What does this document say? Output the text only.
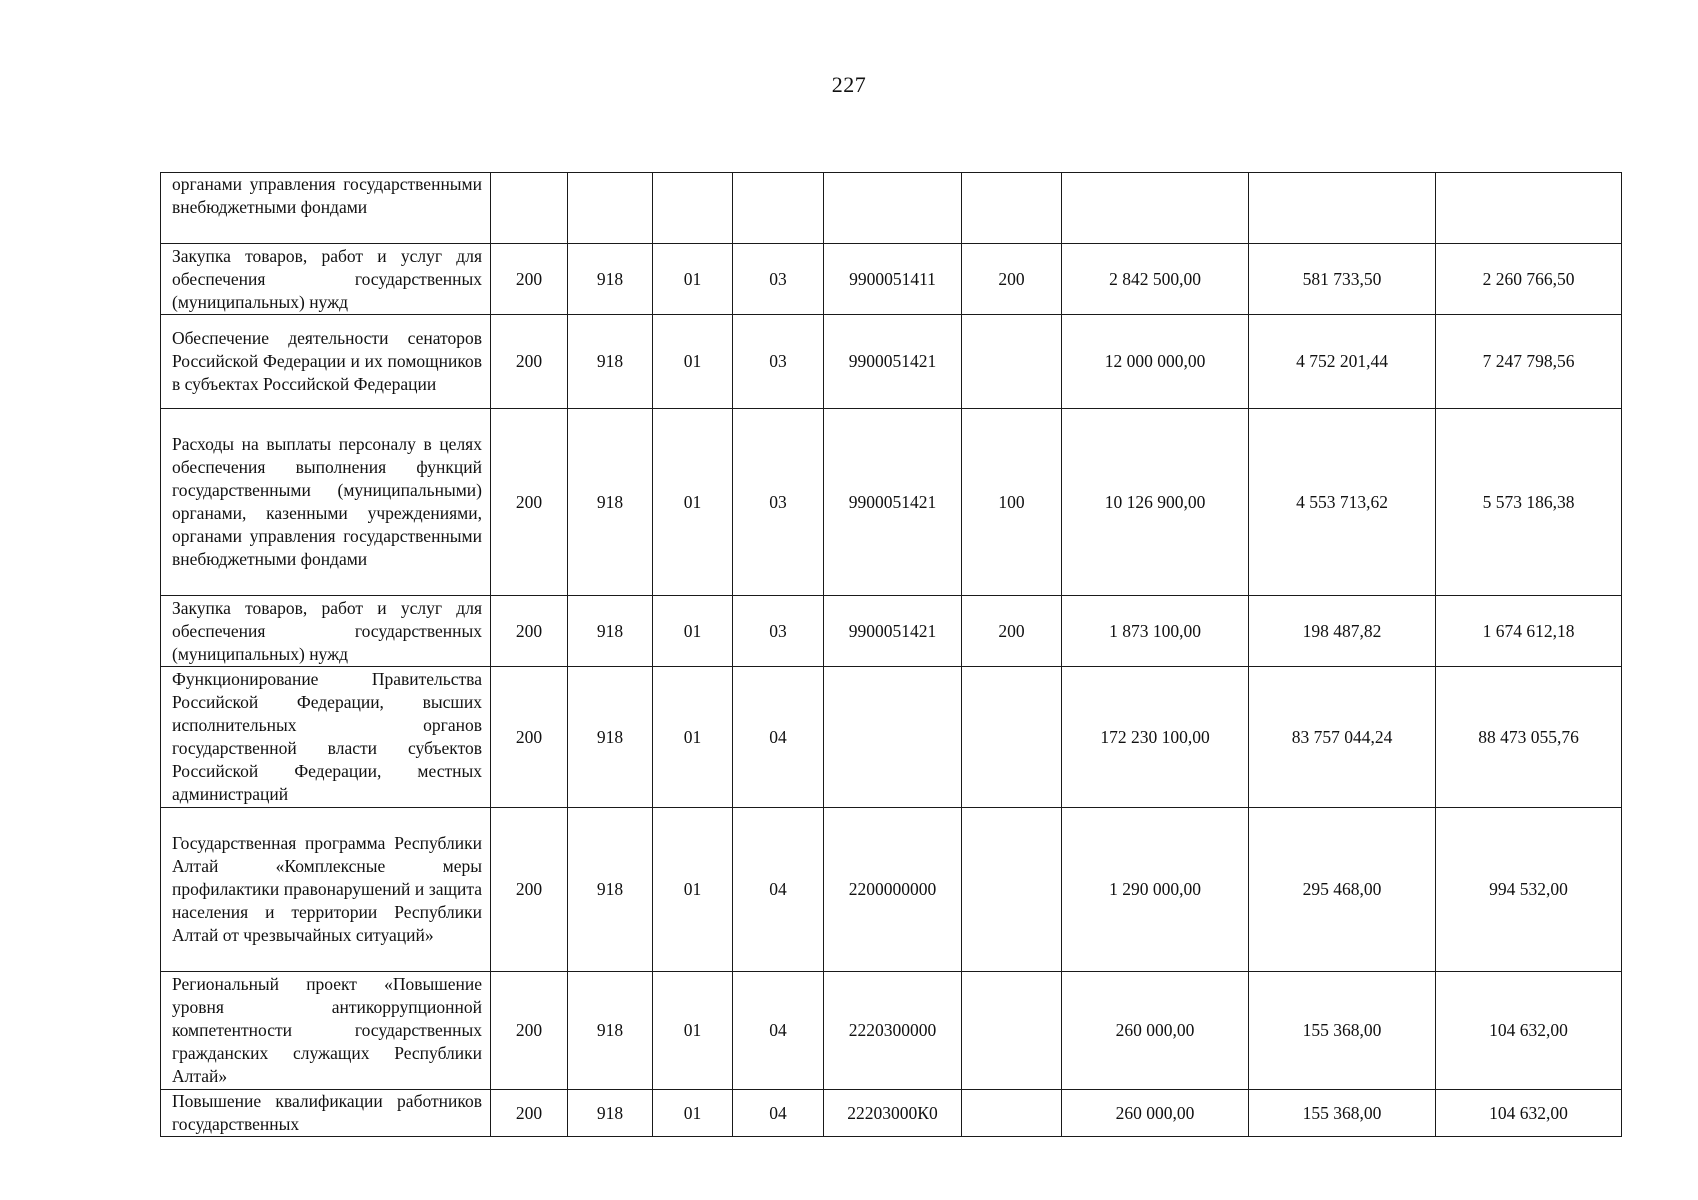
227
органами управления государственными внебюджетными фондами									
Закупка товаров, работ и услуг для обеспечения государственных (муниципальных) нужд	200	918	01	03	9900051411	200	2 842 500,00	581 733,50	2 260 766,50
Обеспечение деятельности сенаторов Российской Федерации и их помощников в субъектах Российской Федерации	200	918	01	03	9900051421		12 000 000,00	4 752 201,44	7 247 798,56
Расходы на выплаты персоналу в целях обеспечения выполнения функций государственными (муниципальными) органами, казенными учреждениями, органами управления государственными внебюджетными фондами	200	918	01	03	9900051421	100	10 126 900,00	4 553 713,62	5 573 186,38
Закупка товаров, работ и услуг для обеспечения государственных (муниципальных) нужд	200	918	01	03	9900051421	200	1 873 100,00	198 487,82	1 674 612,18
Функционирование Правительства Российской Федерации, высших исполнительных органов государственной власти субъектов Российской Федерации, местных администраций	200	918	01	04			172 230 100,00	83 757 044,24	88 473 055,76
Государственная программа Республики Алтай «Комплексные меры профилактики правонарушений и защита населения и территории Республики Алтай от чрезвычайных ситуаций»	200	918	01	04	2200000000		1 290 000,00	295 468,00	994 532,00
Региональный проект «Повышение уровня антикоррупционной компетентности государственных гражданских служащих Республики Алтай»	200	918	01	04	2220300000		260 000,00	155 368,00	104 632,00
Повышение квалификации работников государственных	200	918	01	04	22203000К0		260 000,00	155 368,00	104 632,00
